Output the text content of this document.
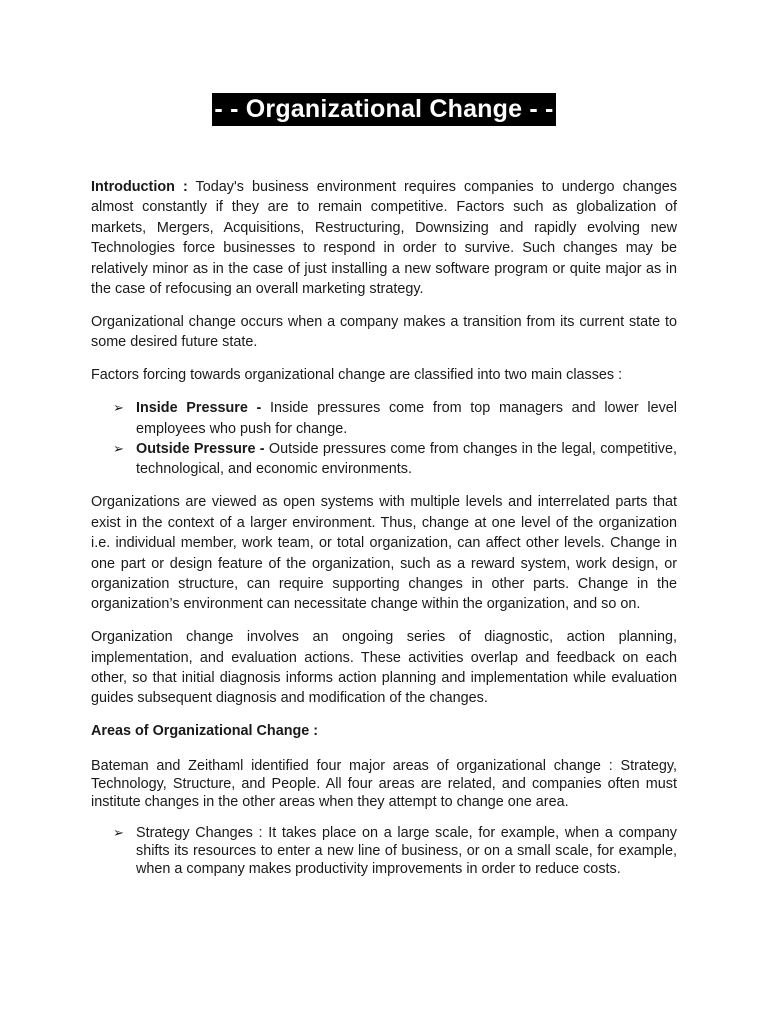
- - Organizational Change - -

Introduction : Today's business environment requires companies to undergo changes almost constantly if they are to remain competitive. Factors such as globalization of markets, Mergers, Acquisitions, Restructuring, Downsizing and rapidly evolving new Technologies force businesses to respond in order to survive. Such changes may be relatively minor as in the case of just installing a new software program or quite major as in the case of refocusing an overall marketing strategy.

Organizational change occurs when a company makes a transition from its current state to some desired future state.

Factors forcing towards organizational change are classified into two main classes :

➢ Inside Pressure - Inside pressures come from top managers and lower level employees who push for change.
➢ Outside Pressure - Outside pressures come from changes in the legal, competitive, technological, and economic environments.

Organizations are viewed as open systems with multiple levels and interrelated parts that exist in the context of a larger environment. Thus, change at one level of the organization i.e. individual member, work team, or total organization, can affect other levels. Change in one part or design feature of the organization, such as a reward system, work design, or organization structure, can require supporting changes in other parts. Change in the organization’s environment can necessitate change within the organization, and so on.

Organization change involves an ongoing series of diagnostic, action planning, implementation, and evaluation actions. These activities overlap and feedback on each other, so that initial diagnosis informs action planning and implementation while evaluation guides subsequent diagnosis and modification of the changes.

Areas of Organizational Change :

Bateman and Zeithaml identified four major areas of organizational change : Strategy, Technology, Structure, and People. All four areas are related, and companies often must institute changes in the other areas when they attempt to change one area.

➢ Strategy Changes : It takes place on a large scale, for example, when a company shifts its resources to enter a new line of business, or on a small scale, for example, when a company makes productivity improvements in order to reduce costs.
